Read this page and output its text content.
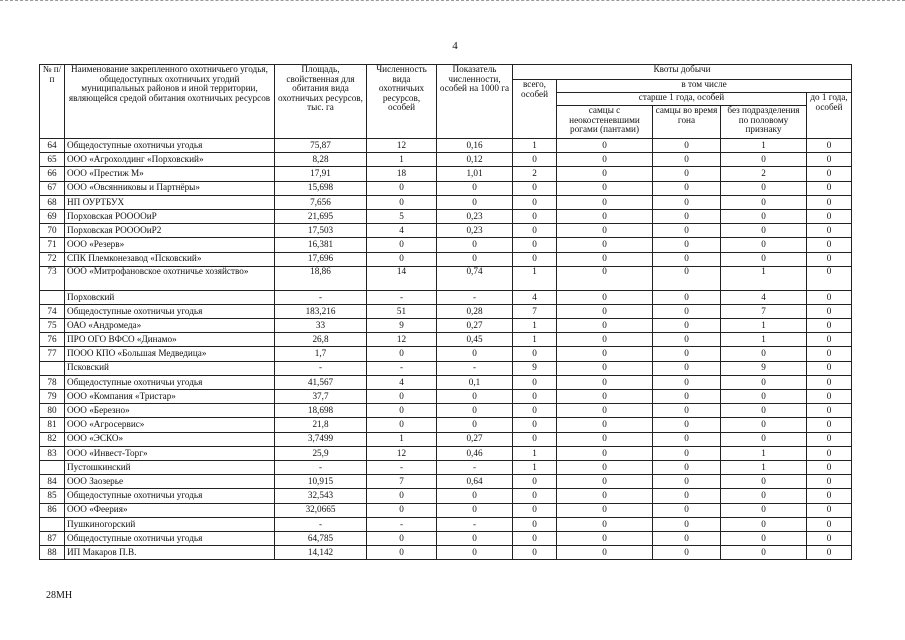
4
№ п/п	Наименование закрепленного охотничьего угодья, общедоступных охотничьих угодий муниципальных районов и иной территории, являющейся средой обитания охотничьих ресурсов	Площадь, свойственная для обитания вида охотничьих ресурсов, тыс. га	Численность вида охотничьих ресурсов, особей	Показатель численности, особей на 1000 га	Квоты добычи				
					всего, особей	в том числе			
						старше 1 года, особей			до 1 года, особей
						самцы с неокостеневшими рогами (пантами)	самцы во время гона	без подразделения по половому признаку	
64	Общедоступные охотничьи угодья	75,87	12	0,16	1	0	0	1	0
65	ООО «Агрохолдинг «Порховский»	8,28	1	0,12	0	0	0	0	0
66	ООО «Престиж М»	17,91	18	1,01	2	0	0	2	0
67	ООО «Овсянниковы и Партнёры»	15,698	0	0	0	0	0	0	0
68	НП ОУРТБУХ	7,656	0	0	0	0	0	0	0
69	Порховская РООООиР	21,695	5	0,23	0	0	0	0	0
70	Порховская РООООиР2	17,503	4	0,23	0	0	0	0	0
71	ООО «Резерв»	16,381	0	0	0	0	0	0	0
72	СПК Племконезавод «Псковский»	17,696	0	0	0	0	0	0	0
73	ООО «Митрофановское охотничье хозяйство»	18,86	14	0,74	1	0	0	1	0
	Порховский	-	-	-	4	0	0	4	0
74	Общедоступные охотничьи угодья	183,216	51	0,28	7	0	0	7	0
75	ОАО «Андромеда»	33	9	0,27	1	0	0	1	0
76	ПРО ОГО ВФСО «Динамо»	26,8	12	0,45	1	0	0	1	0
77	ПООО КПО «Большая Медведица»	1,7	0	0	0	0	0	0	0
	Псковский	-	-	-	9	0	0	9	0
78	Общедоступные охотничьи угодья	41,567	4	0,1	0	0	0	0	0
79	ООО «Компания «Тристар»	37,7	0	0	0	0	0	0	0
80	ООО «Березно»	18,698	0	0	0	0	0	0	0
81	ООО «Агросервис»	21,8	0	0	0	0	0	0	0
82	ООО «ЭСКО»	3,7499	1	0,27	0	0	0	0	0
83	ООО «Инвест-Торг»	25,9	12	0,46	1	0	0	1	0
	Пустошкинский	-	-	-	1	0	0	1	0
84	ООО Заозерье	10,915	7	0,64	0	0	0	0	0
85	Общедоступные охотничьи угодья	32,543	0	0	0	0	0	0	0
86	ООО «Феерия»	32,0665	0	0	0	0	0	0	0
	Пушкиногорский	-	-	-	0	0	0	0	0
87	Общедоступные охотничьи угодья	64,785	0	0	0	0	0	0	0
88	ИП Макаров П.В.	14,142	0	0	0	0	0	0	0
28МН
